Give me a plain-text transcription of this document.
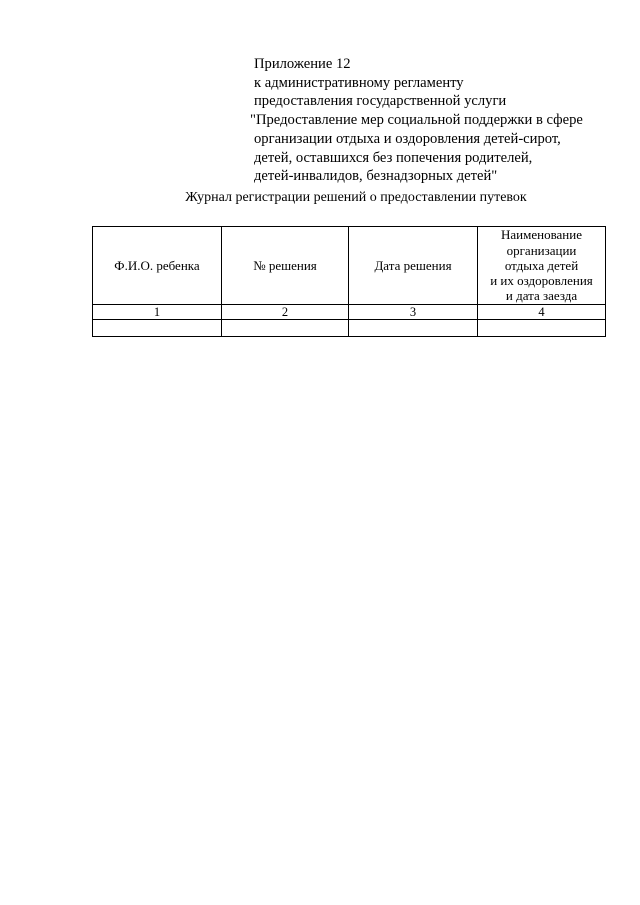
Приложение 12
к административному регламенту
предоставления государственной услуги
"Предоставление мер социальной поддержки в сфере
организации отдыха и оздоровления детей-сирот,
детей, оставшихся без попечения родителей,
детей-инвалидов, безнадзорных детей"
Журнал регистрации решений о предоставлении путевок
Ф.И.О. ребенка	№ решения	Дата решения	Наименование
организации
отдыха детей
и их оздоровления
и дата заезда

1	2	3	4
